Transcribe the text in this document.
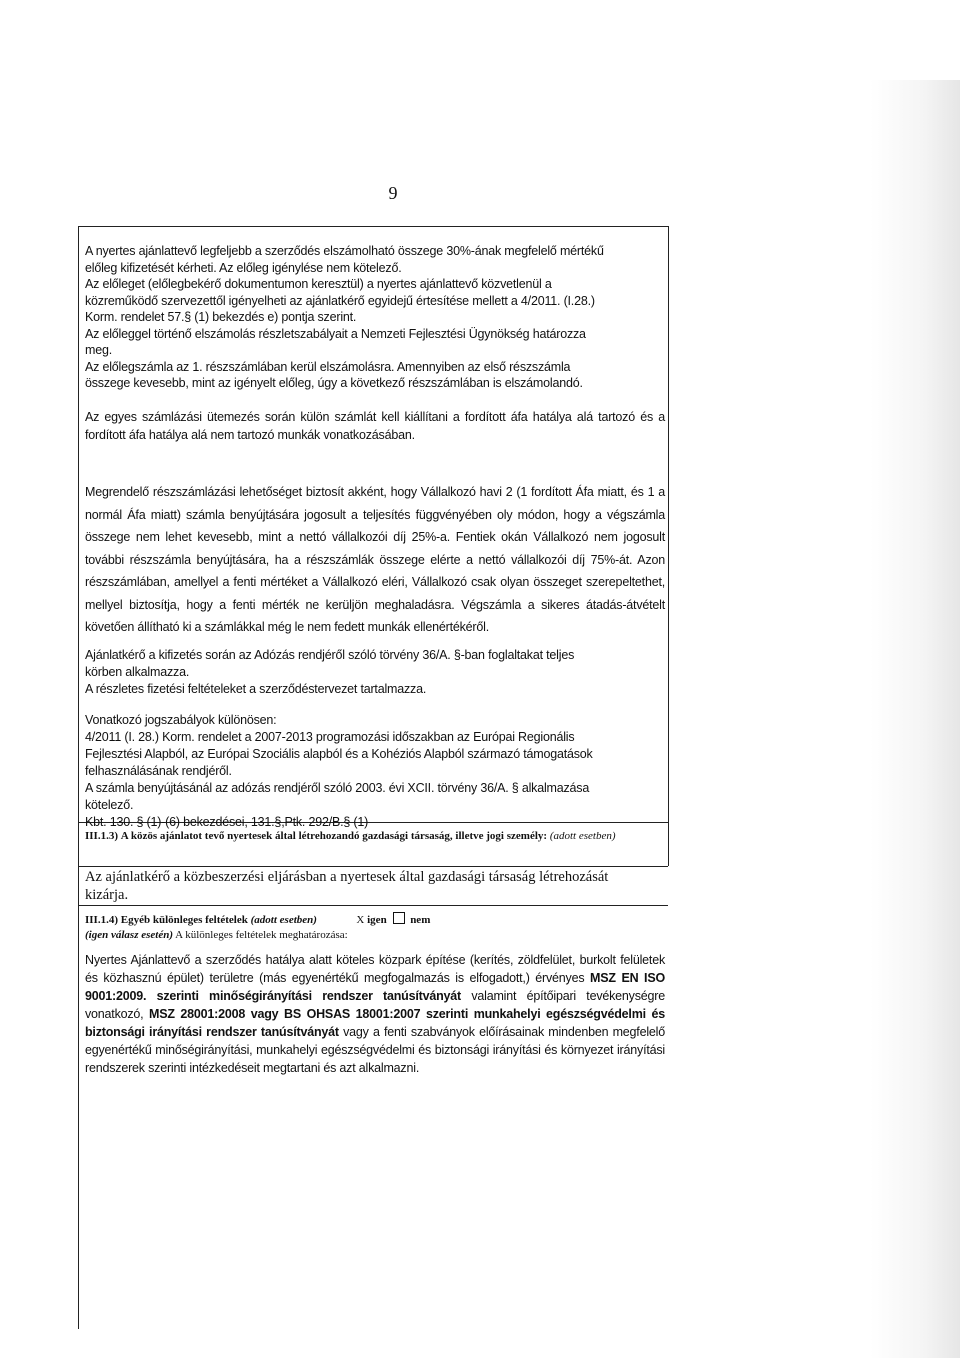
9

A nyertes ajánlattevő legfeljebb a szerződés elszámolható összege 30%-ának megfelelő mértékű

előleg kifizetését kérheti. Az előleg igénylése nem kötelező.

Az előleget (előlegbekérő dokumentumon keresztül) a nyertes ajánlattevő közvetlenül a

közreműködő szervezettől igényelheti az ajánlatkérő egyidejű értesítése mellett a 4/2011. (I.28.)

Korm. rendelet 57.§ (1) bekezdés e) pontja szerint.

Az előleggel történő elszámolás részletszabályait a Nemzeti Fejlesztési Ügynökség határozza

meg.

Az előlegszámla az 1. részszámlában kerül elszámolásra. Amennyiben az első részszámla

összege kevesebb, mint az igényelt előleg, úgy a következő részszámlában is elszámolandó.

Az egyes számlázási ütemezés során külön számlát kell kiállítani a fordított áfa hatálya alá tartozó és a fordított áfa hatálya alá nem tartozó munkák vonatkozásában.

Megrendelő részszámlázási lehetőséget biztosít akként, hogy Vállalkozó havi 2 (1 fordított Áfa miatt, és 1 a normál Áfa miatt) számla benyújtására jogosult a teljesítés függvényében oly módon, hogy a végszámla összege nem lehet kevesebb, mint a nettó vállalkozói díj 25%-a. Fentiek okán Vállalkozó nem jogosult további részszámla benyújtására, ha a részszámlák összege elérte a nettó vállalkozói díj 75%-át. Azon részszámlában, amellyel a fenti mértéket a Vállalkozó eléri, Vállalkozó csak olyan összeget szerepeltethet, mellyel biztosítja, hogy a fenti mérték ne kerüljön meghaladásra. Végszámla a sikeres átadás-átvételt követően állítható ki a számlákkal még le nem fedett munkák ellenértékéről.

Ajánlatkérő a kifizetés során az Adózás rendjéről szóló törvény 36/A. §-ban foglaltakat teljes

körben alkalmazza.

A részletes fizetési feltételeket a szerződéstervezet tartalmazza.

Vonatkozó jogszabályok különösen:

4/2011 (I. 28.) Korm. rendelet a 2007-2013 programozási időszakban az Európai Regionális

Fejlesztési Alapból, az Európai Szociális alapból és a Kohéziós Alapból származó támogatások

felhasználásának rendjéről.

A számla benyújtásánál az adózás rendjéről szóló 2003. évi XCII. törvény 36/A. § alkalmazása

kötelező.

Kbt. 130. § (1)-(6) bekezdései, 131.§,Ptk. 292/B.§ (1)

III.1.3) A közös ajánlatot tevő nyertesek által létrehozandó gazdasági társaság, illetve jogi személy: (adott esetben)

Az ajánlatkérő a közbeszerzési eljárásban a nyertesek által gazdasági társaság létrehozását

kizárja.

III.1.4) Egyéb különleges feltételek (adott esetben)	X igen nem

(igen válasz esetén) A különleges feltételek meghatározása:

Nyertes Ajánlattevő a szerződés hatálya alatt köteles közpark építése (kerítés, zöldfelület, burkolt felületek és közhasznú épület) területre (más egyenértékű megfogalmazás is elfogadott,) érvényes MSZ EN ISO 9001:2009. szerinti minőségirányítási rendszer tanúsítványát valamint építőipari tevékenységre vonatkozó, MSZ 28001:2008 vagy BS OHSAS 18001:2007 szerinti munkahelyi egészségvédelmi és biztonsági irányítási rendszer tanúsítványát vagy a fenti szabványok előírásainak mindenben megfelelő egyenértékű minőségirányítási, munkahelyi egészségvédelmi és biztonsági irányítási és környezet irányítási rendszerek szerinti intézkedéseit megtartani és azt alkalmazni.
